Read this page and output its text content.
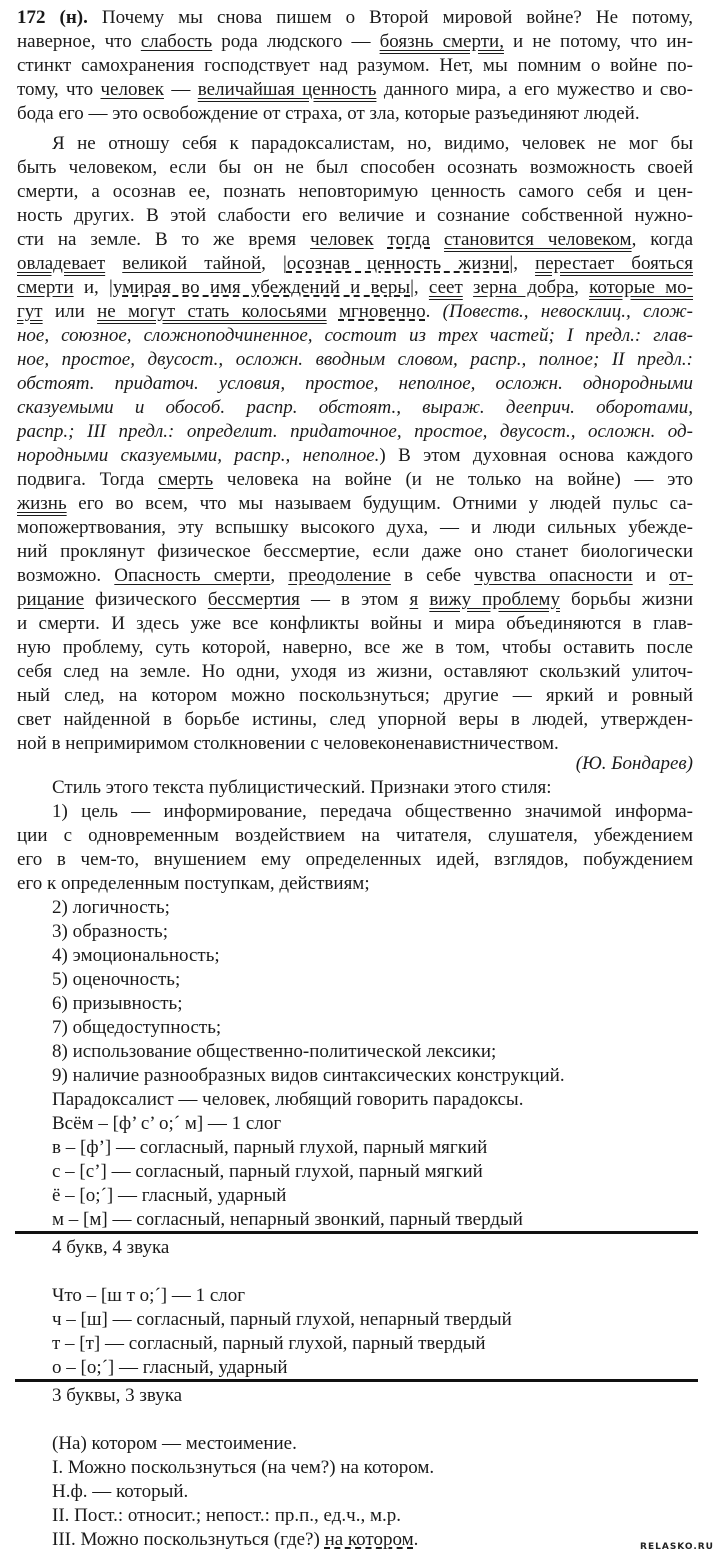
172 (н). Почему мы снова пишем о Второй мировой войне? Не потому,
наверное, что слабость рода людского — боязнь смерти, и не потому, что ин-
стинкт самохранения господствует над разумом. Нет, мы помним о войне по-
тому, что человек — величайшая ценность данного мира, а его мужество и сво-
бода его — это освобождение от страха, от зла, которые разъединяют людей.
Я не отношу себя к парадоксалистам, но, видимо, человек не мог бы
быть человеком, если бы он не был способен осознать возможность своей
смерти, а осознав ее, познать неповторимую ценность самого себя и цен-
ность других. В этой слабости его величие и сознание собственной нужно-
сти на земле. В то же время человек тогда становится человеком, когда
овладевает великой тайной, |осознав ценность жизни|, перестает бояться
смерти и, |умирая во имя убеждений и веры|, сеет зерна добра, которые мо-
гут или не могут стать колосьями мгновенно. (Повеств., невосклиц., слож-
ное, союзное, сложноподчиненное, состоит из трех частей; I предл.: глав-
ное, простое, двусост., осложн. вводным словом, распр., полное; II предл.:
обстоят. придаточ. условия, простое, неполное, осложн. однородными
сказуемыми и обособ. распр. обстоят., выраж. дееприч. оборотами,
распр.; III предл.: определит. придаточное, простое, двусост., осложн. од-
нородными сказуемыми, распр., неполное.) В этом духовная основа каждого
подвига. Тогда смерть человека на войне (и не только на войне) — это
жизнь его во всем, что мы называем будущим. Отними у людей пульс са-
мопожертвования, эту вспышку высокого духа, — и люди сильных убежде-
ний проклянут физическое бессмертие, если даже оно станет биологически
возможно. Опасность смерти, преодоление в себе чувства опасности и от-
рицание физического бессмертия — в этом я вижу проблему борьбы жизни
и смерти. И здесь уже все конфликты войны и мира объединяются в глав-
ную проблему, суть которой, наверно, все же в том, чтобы оставить после
себя след на земле. Но одни, уходя из жизни, оставляют скользкий улиточ-
ный след, на котором можно поскользнуться; другие — яркий и ровный
свет найденной в борьбе истины, след упорной веры в людей, утвержден-
ной в непримиримом столкновении с человеконенавистничеством.
(Ю. Бондарев)
Стиль этого текста публицистический. Признаки этого стиля:
1) цель — информирование, передача общественно значимой информа-
ции с одновременным воздействием на читателя, слушателя, убеждением
его в чем-то, внушением ему определенных идей, взглядов, побуждением
его к определенным поступкам, действиям;
2) логичность;
3) образность;
4) эмоциональность;
5) оценочность;
6) призывность;
7) общедоступность;
8) использование общественно-политической лексики;
9) наличие разнообразных видов синтаксических конструкций.
Парадоксалист — человек, любящий говорить парадоксы.
Всём – [ф’ с’ о;´ м] — 1 слог
в – [ф’] — согласный, парный глухой, парный мягкий
с – [с’] — согласный, парный глухой, парный мягкий
ё – [о;´] — гласный, ударный
м – [м] — согласный, непарный звонкий, парный твердый
4 букв, 4 звука
Что – [ш т о;´] — 1 слог
ч – [ш] — согласный, парный глухой, непарный твердый
т – [т] — согласный, парный глухой, парный твердый
о – [о;´] — гласный, ударный
3 буквы, 3 звука
(На) котором — местоимение.
I. Можно поскользнуться (на чем?) на котором.
Н.ф. — который.
II. Пост.: относит.; непост.: пр.п., ед.ч., м.р.
III. Можно поскользнуться (где?) на котором.	RELASKO.RU
